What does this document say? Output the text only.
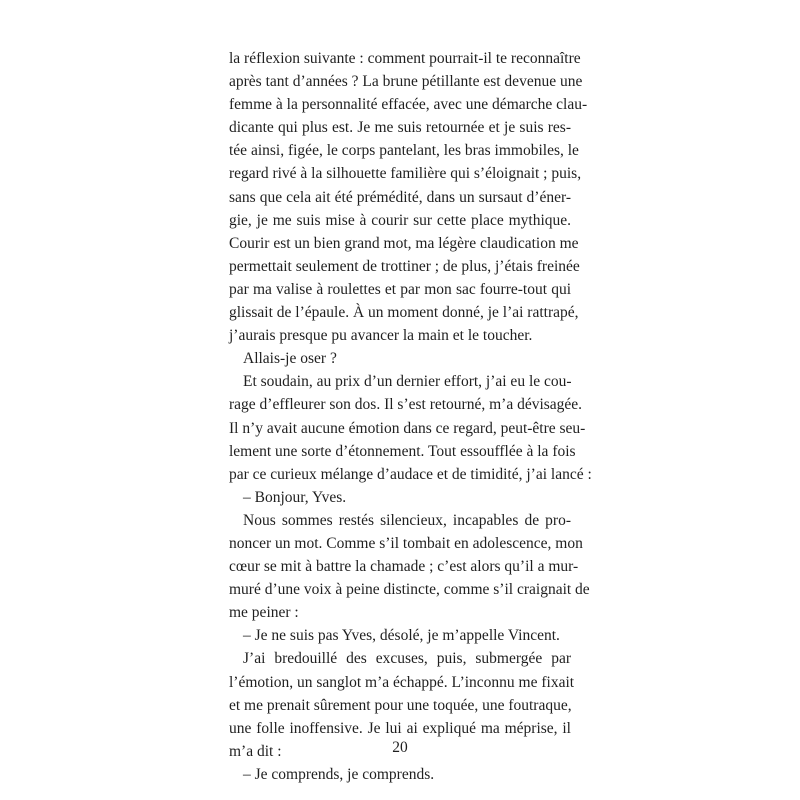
la réflexion suivante : comment pourrait-il te reconnaître
après tant d’années ? La brune pétillante est devenue une
femme à la personnalité effacée, avec une démarche clau-
dicante qui plus est. Je me suis retournée et je suis res-
tée ainsi, figée, le corps pantelant, les bras immobiles, le
regard rivé à la silhouette familière qui s’éloignait ; puis,
sans que cela ait été prémédité, dans un sursaut d’éner-
gie, je me suis mise à courir sur cette place mythique.
Courir est un bien grand mot, ma légère claudication me
permettait seulement de trottiner ; de plus, j’étais freinée
par ma valise à roulettes et par mon sac fourre-tout qui
glissait de l’épaule. À un moment donné, je l’ai rattrapé,
j’aurais presque pu avancer la main et le toucher.
Allais-je oser ?
Et soudain, au prix d’un dernier effort, j’ai eu le cou-
rage d’effleurer son dos. Il s’est retourné, m’a dévisagée.
Il n’y avait aucune émotion dans ce regard, peut-être seu-
lement une sorte d’étonnement. Tout essoufflée à la fois
par ce curieux mélange d’audace et de timidité, j’ai lancé :
– Bonjour, Yves.
Nous sommes restés silencieux, incapables de pro-
noncer un mot. Comme s’il tombait en adolescence, mon
cœur se mit à battre la chamade ; c’est alors qu’il a mur-
muré d’une voix à peine distincte, comme s’il craignait de
me peiner :
– Je ne suis pas Yves, désolé, je m’appelle Vincent.
J’ai bredouillé des excuses, puis, submergée par
l’émotion, un sanglot m’a échappé. L’inconnu me fixait
et me prenait sûrement pour une toquée, une foutraque,
une folle inoffensive. Je lui ai expliqué ma méprise, il
m’a dit :
– Je comprends, je comprends.
20
